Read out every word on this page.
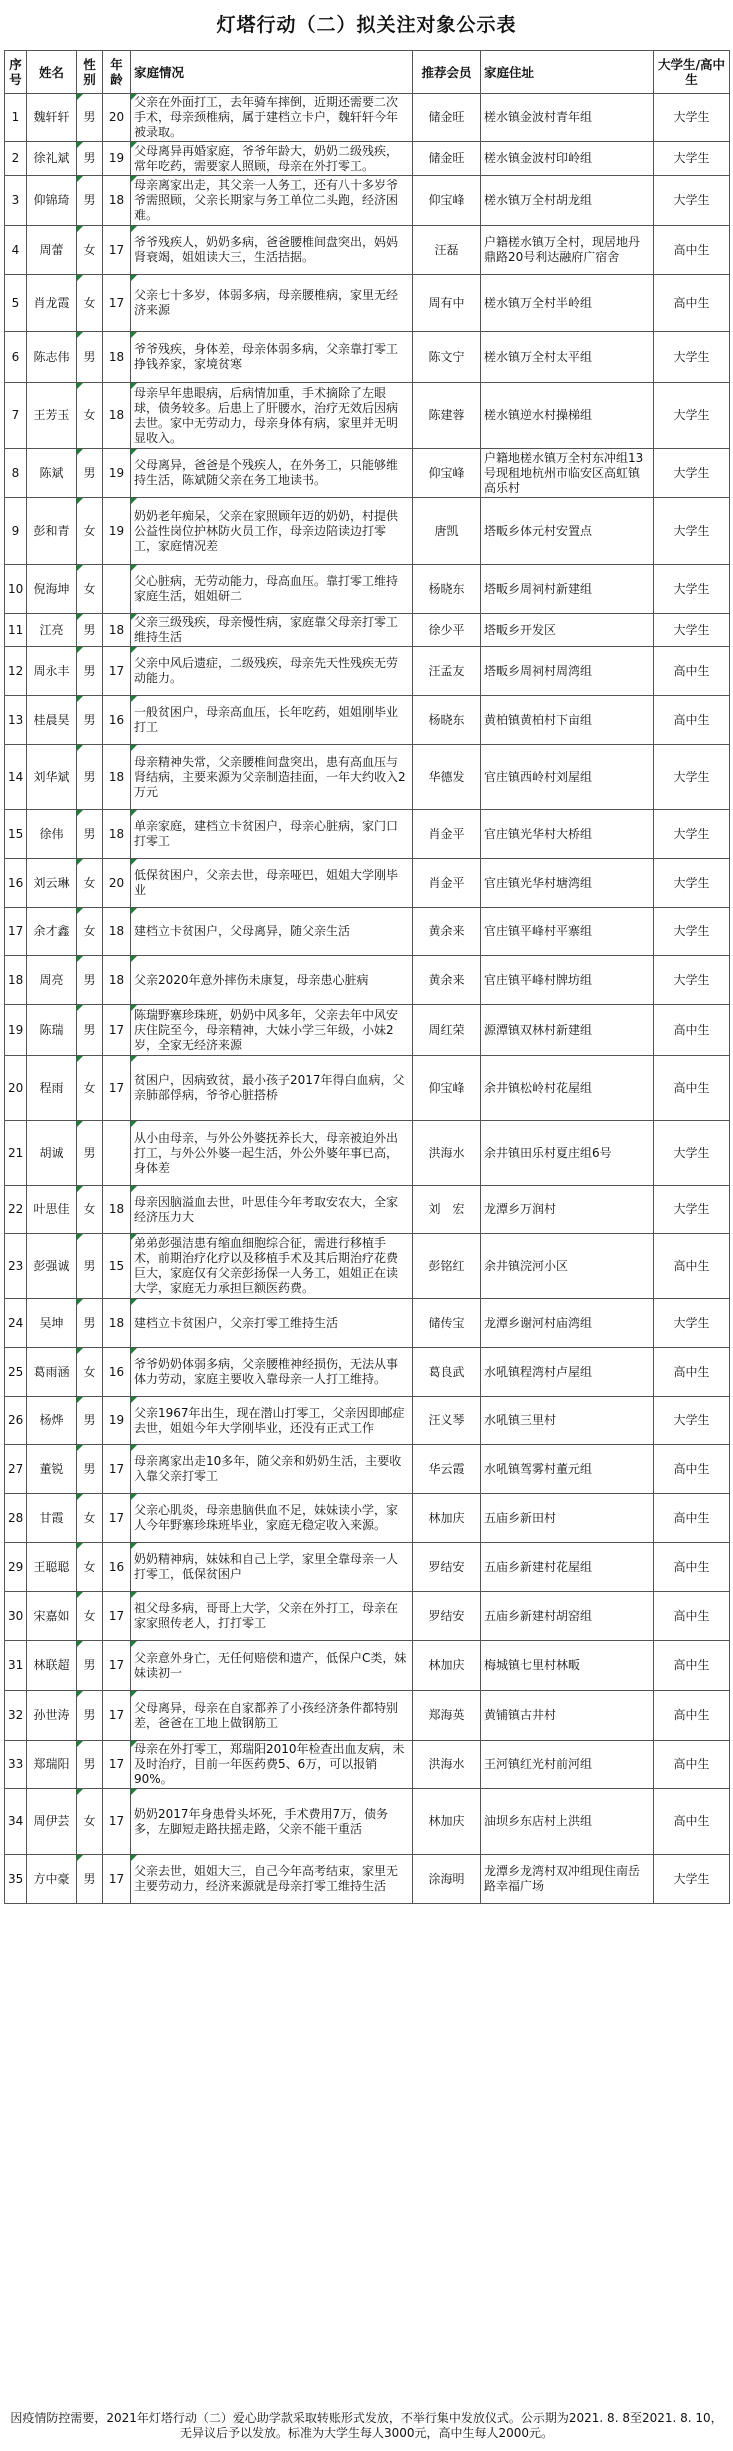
灯塔行动（二）拟关注对象公示表
序号	姓名	性别	年龄	家庭情况	推荐会员	家庭住址	大学生/高中生
1	魏轩轩	男	20	父亲在外面打工，去年骑车摔倒，近期还需要二次手术，母亲颈椎病，属于建档立卡户，魏轩轩今年被录取。	储金旺	槎水镇金波村青年组	大学生
2	徐礼斌	男	19	父母离异再婚家庭，爷爷年龄大，奶奶二级残疾，常年吃药，需要家人照顾，母亲在外打零工。	储金旺	槎水镇金波村印岭组	大学生
3	仰锦琦	男	18	母亲离家出走，其父亲一人务工，还有八十多岁爷爷需照顾，父亲长期家与务工单位二头跑，经济困难。	仰宝峰	槎水镇万全村胡龙组	大学生
4	周蕾	女	17	爷爷残疾人，奶奶多病，爸爸腰椎间盘突出，妈妈肾衰竭，姐姐读大三，生活拮据。	汪磊	户籍槎水镇万全村，现居地丹鼎路20号利达融府广宿舍	高中生
5	肖龙霞	女	17	父亲七十多岁，体弱多病，母亲腰椎病，家里无经济来源	周有中	槎水镇万全村半岭组	高中生
6	陈志伟	男	18	爷爷残疾，身体差，母亲体弱多病，父亲靠打零工挣钱养家，家境贫寒	陈文宁	槎水镇万全村太平组	大学生
7	王芳玉	女	18	母亲早年患眼病，后病情加重，手术摘除了左眼球，债务较多。后患上了肝腰水，治疗无效后因病去世。家中无劳动力，母亲身体有病，家里并无明显收入。	陈建蓉	槎水镇逆水村操梯组	大学生
8	陈斌	男	19	父母离异，爸爸是个残疾人，在外务工，只能够维持生活，陈斌随父亲在务工地读书。	仰宝峰	户籍地槎水镇万全村东冲组13号现租地杭州市临安区高虹镇高乐村	大学生
9	彭和青	女	19	奶奶老年痴呆，父亲在家照顾年迈的奶奶，村提供公益性岗位护林防火员工作，母亲边陪读边打零工，家庭情况差	唐凯	塔畈乡体元村安置点	大学生
10	倪海坤	女		父心脏病，无劳动能力，母高血压。靠打零工维持家庭生活，姐姐研二	杨晓东	塔畈乡周祠村新建组	大学生
11	江亮	男	18	父亲三级残疾，母亲慢性病，家庭靠父母亲打零工维持生活	徐少平	塔畈乡开发区	大学生
12	周永丰	男	17	父亲中风后遗症，二级残疾，母亲先天性残疾无劳动能力。	汪孟友	塔畈乡周祠村周湾组	高中生
13	桂晨昊	男	16	一般贫困户，母亲高血压，长年吃药，姐姐刚毕业打工	杨晓东	黄柏镇黄柏村下亩组	高中生
14	刘华斌	男	18	母亲精神失常，父亲腰椎间盘突出，患有高血压与肾结病，主要来源为父亲制造挂面，一年大约收入2万元	华德发	官庄镇西岭村刘屋组	大学生
15	徐伟	男	18	单亲家庭，建档立卡贫困户，母亲心脏病，家门口打零工	肖金平	官庄镇光华村大桥组	大学生
16	刘云琳	女	20	低保贫困户，父亲去世，母亲哑巴，姐姐大学刚毕业	肖金平	官庄镇光华村塘湾组	大学生
17	余才鑫	女	18	建档立卡贫困户，父母离异，随父亲生活	黄余来	官庄镇平峰村平寨组	大学生
18	周亮	男	18	父亲2020年意外摔伤未康复，母亲患心脏病	黄余来	官庄镇平峰村牌坊组	大学生
19	陈瑞	男	17	陈瑞野寨珍珠班，奶奶中风多年，父亲去年中风安庆住院至今，母亲精神，大妹小学三年级，小妹2岁，全家无经济来源	周红荣	源潭镇双林村新建组	高中生
20	程雨	女	17	贫困户，因病致贫，最小孩子2017年得白血病，父亲肺部俘病，爷爷心脏搭桥	仰宝峰	余井镇松岭村花屋组	高中生
21	胡诚	男		从小由母亲，与外公外婆抚养长大，母亲被迫外出打工，与外公外婆一起生活，外公外婆年事已高，身体差	洪海水	余井镇田乐村夏庄组6号	大学生
22	叶思佳	女	18	母亲因脑溢血去世，叶思佳今年考取安农大，全家经济压力大	刘　宏	龙潭乡万润村	大学生
23	彭强诚	男	15	弟弟彭强洁患有缩血细胞综合征，需进行移植手术，前期治疗化疗以及移植手术及其后期治疗花费巨大，家庭仅有父亲彭扬保一人务工，姐姐正在读大学，家庭无力承担巨额医药费。	彭铭红	余井镇浣河小区	高中生
24	吴坤	男	18	建档立卡贫困户，父亲打零工维持生活	储传宝	龙潭乡谢河村庙湾组	大学生
25	葛雨涵	女	16	爷爷奶奶体弱多病，父亲腰椎神经损伤，无法从事体力劳动，家庭主要收入靠母亲一人打工维持。	葛良武	水吼镇程湾村卢屋组	高中生
26	杨烨	男	19	父亲1967年出生，现在潜山打零工，父亲因即邮症去世，姐姐今年大学刚毕业，还没有正式工作	汪义琴	水吼镇三里村	大学生
27	董锐	男	17	母亲离家出走10多年，随父亲和奶奶生活，主要收入靠父亲打零工	华云霞	水吼镇驾雾村董元组	高中生
28	甘霞	女	17	父亲心肌炎，母亲患脑供血不足，妹妹读小学，家人今年野寨珍珠班毕业，家庭无稳定收入来源。	林加庆	五庙乡新田村	高中生
29	王聪聪	女	16	奶奶精神病，妹妹和自己上学，家里全靠母亲一人打零工，低保贫困户	罗结安	五庙乡新建村花屋组	高中生
30	宋嘉如	女	17	祖父母多病，哥哥上大学，父亲在外打工，母亲在家家照传老人，打打零工	罗结安	五庙乡新建村胡窑组	高中生
31	林联超	男	17	父亲意外身亡，无任何赔偿和遗产，低保户C类，妹妹读初一	林加庆	梅城镇七里村林畈	高中生
32	孙世涛	男	17	父母离异，母亲在自家都养了小孩经济条件都特别差，爸爸在工地上做钢筋工	郑海英	黄铺镇古井村	高中生
33	郑瑞阳	男	17	母亲在外打零工，郑瑞阳2010年检查出血友病，未及时治疗，目前一年医药费5、6万，可以报销90%。	洪海水	王河镇红光村前河组	高中生
34	周伊芸	女	17	奶奶2017年身患骨头坏死，手术费用7万，债务多，左脚短走路扶摇走路，父亲不能干重活	林加庆	油坝乡东店村上洪组	高中生
35	方中豪	男	17	父亲去世，姐姐大三，自己今年高考结束，家里无主要劳动力，经济来源就是母亲打零工维持生活	涂海明	龙潭乡龙湾村双冲组现住南岳路幸福广场	大学生
因疫情防控需要，2021年灯塔行动（二）爱心助学款采取转账形式发放，不举行集中发放仪式。公示期为2021. 8. 8至2021. 8. 10，无异议后予以发放。标准为大学生每人3000元，高中生每人2000元。
